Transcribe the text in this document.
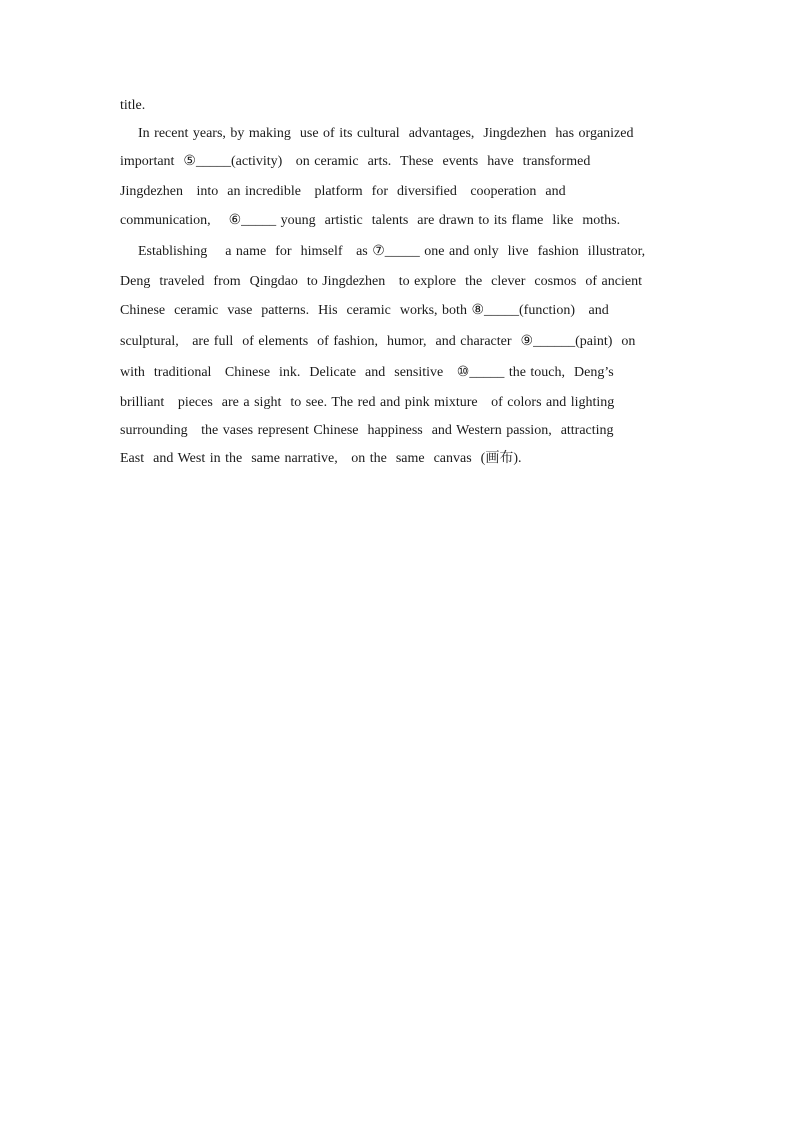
title.
In recent years, by making  use of its cultural  advantages,  Jingdezhen  has organized
important  ⑤_____(activity)   on ceramic  arts.  These  events  have  transformed
Jingdezhen   into  an incredible   platform  for  diversified   cooperation  and
communication,    ⑥_____ young  artistic  talents  are drawn to its flame  like  moths.
Establishing    a name  for  himself   as ⑦_____ one and only  live  fashion  illustrator,
Deng  traveled  from  Qingdao  to Jingdezhen   to explore  the  clever  cosmos  of ancient
Chinese  ceramic  vase  patterns.  His  ceramic  works, both ⑧_____(function)   and
sculptural,   are full  of elements  of fashion,  humor,  and character  ⑨______(paint)  on
with  traditional   Chinese  ink.  Delicate  and  sensitive   ⑩_____ the touch,  Deng’s
brilliant   pieces  are a sight  to see. The red and pink mixture   of colors and lighting
surrounding   the vases represent Chinese  happiness  and Western passion,  attracting
East  and West in the  same narrative,   on the  same  canvas  (画布).
